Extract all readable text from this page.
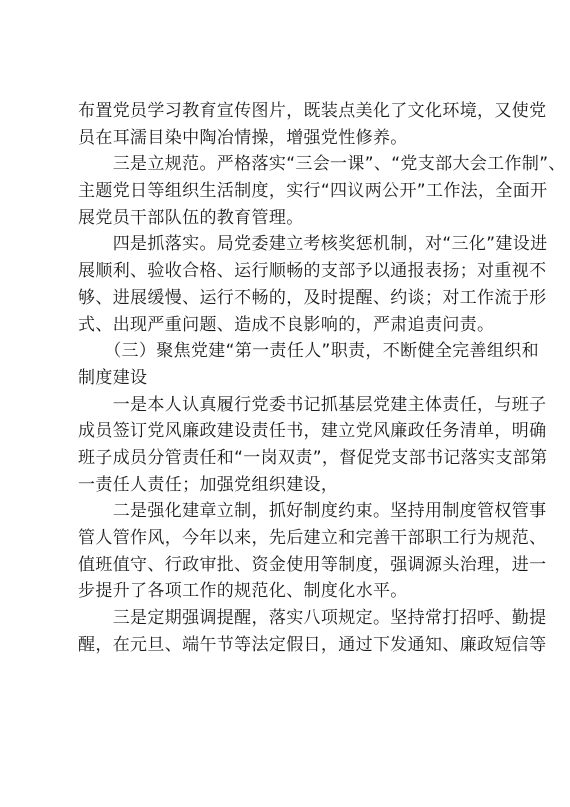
布置党员学习教育宣传图片，既装点美化了文化环境，又使党
员在耳濡目染中陶冶情操，增强党性修养。
　　三是立规范。严格落实“三会一课”、“党支部大会工作制”、
主题党日等组织生活制度，实行“四议两公开”工作法，全面开
展党员干部队伍的教育管理。
　　四是抓落实。局党委建立考核奖惩机制，对“三化”建设进
展顺利、验收合格、运行顺畅的支部予以通报表扬；对重视不
够、进展缓慢、运行不畅的，及时提醒、约谈；对工作流于形
式、出现严重问题、造成不良影响的，严肃追责问责。
　　（三）聚焦党建“第一责任人”职责，不断健全完善组织和
制度建设
　　一是本人认真履行党委书记抓基层党建主体责任，与班子
成员签订党风廉政建设责任书，建立党风廉政任务清单，明确
班子成员分管责任和“一岗双责”，督促党支部书记落实支部第
一责任人责任；加强党组织建设，
　　二是强化建章立制，抓好制度约束。坚持用制度管权管事
管人管作风，今年以来，先后建立和完善干部职工行为规范、
值班值守、行政审批、资金使用等制度，强调源头治理，进一
步提升了各项工作的规范化、制度化水平。
　　三是定期强调提醒，落实八项规定。坚持常打招呼、勤提
醒，在元旦、端午节等法定假日，通过下发通知、廉政短信等
